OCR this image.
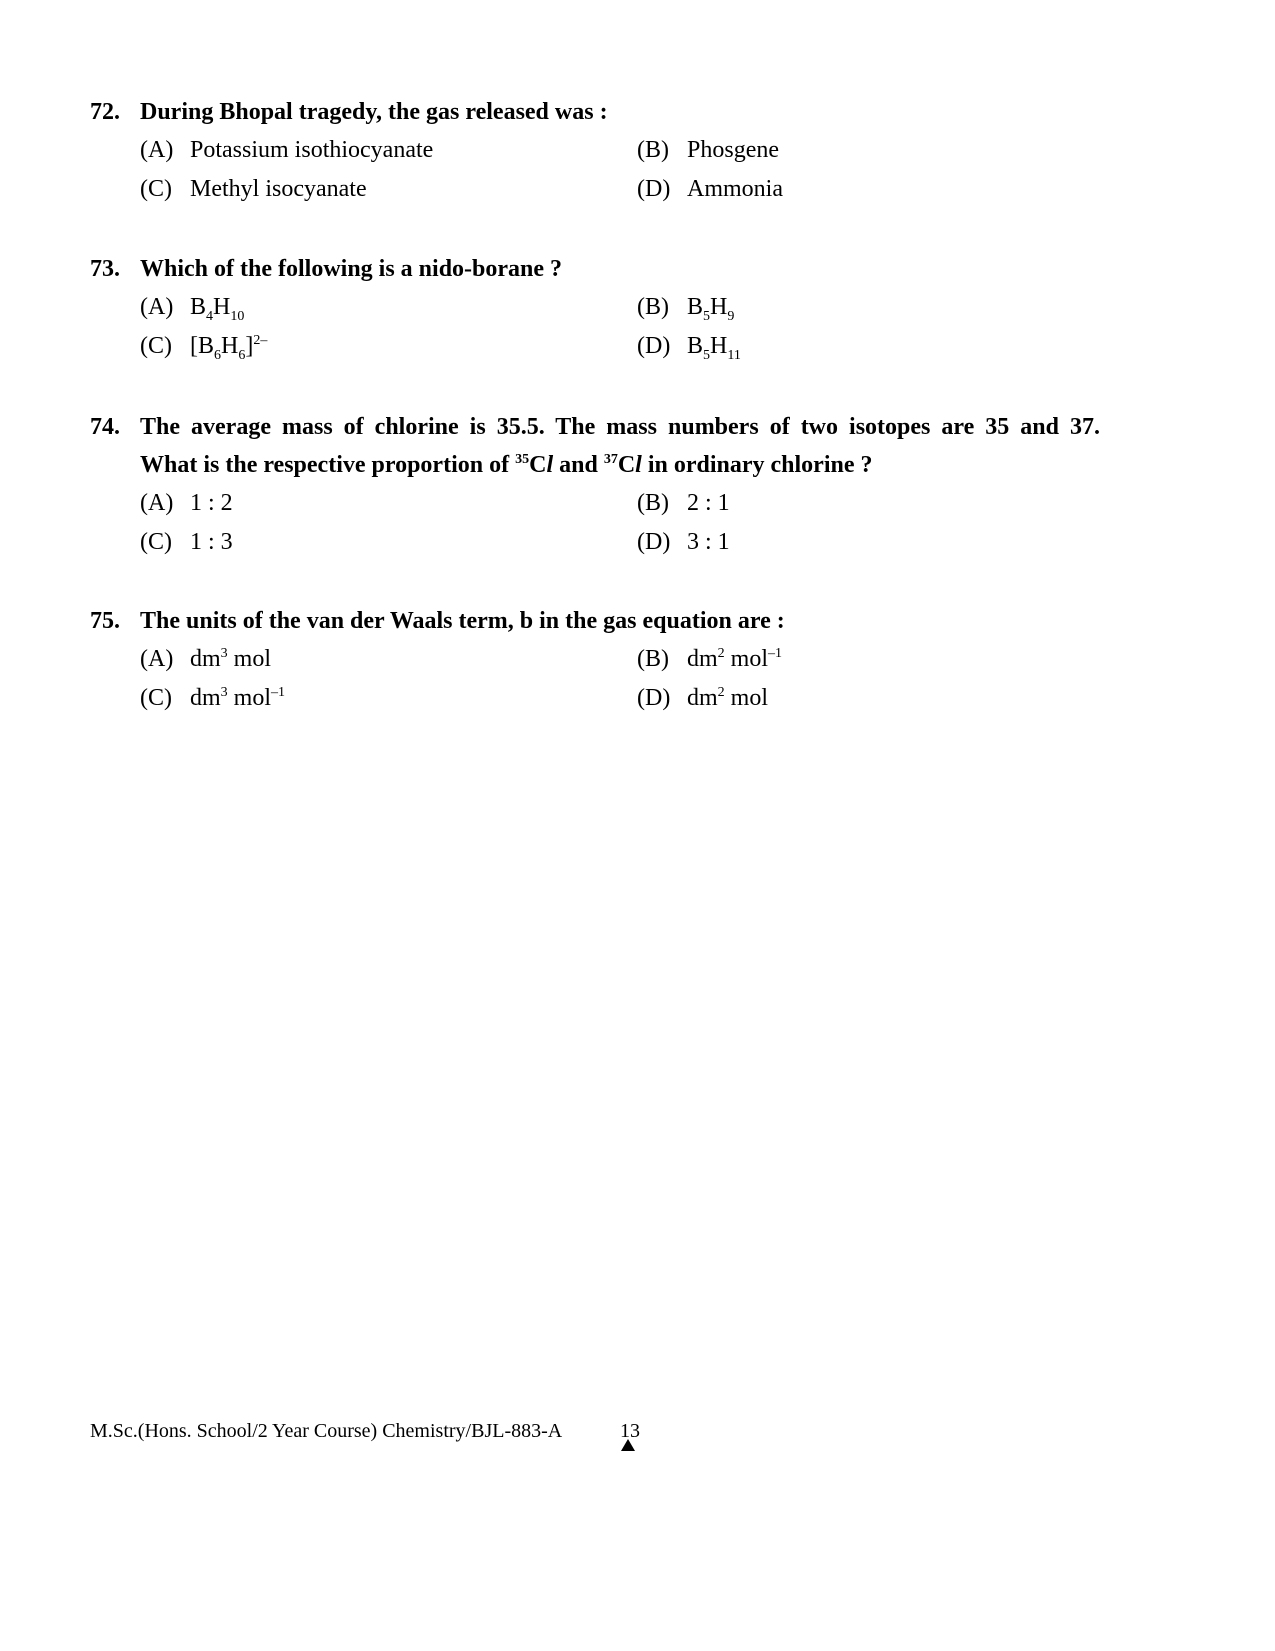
72. During Bhopal tragedy, the gas released was :
(A) Potassium isothiocyanate	(B) Phosgene
(C) Methyl isocyanate	(D) Ammonia
73. Which of the following is a nido-borane ?
(A) $B_4H_{10}$	(B) $B_5H_9$
(C) $[B_6H_6]^{2-}$	(D) $B_5H_{11}$
74. The average mass of chlorine is 35.5. The mass numbers of two isotopes are 35 and 37.
What is the respective proportion of $^{35}$Cl and $^{37}$Cl in ordinary chlorine ?
(A) 1 : 2	(B) 2 : 1
(C) 1 : 3	(D) 3 : 1
75. The units of the van der Waals term, b in the gas equation are :
(A) $dm^3$ mol	(B) $dm^2$ mol$^{-1}$
(C) $dm^3$ mol$^{-1}$	(D) $dm^2$ mol
M.Sc.(Hons. School/2 Year Course) Chemistry/BJL-883-A	13
